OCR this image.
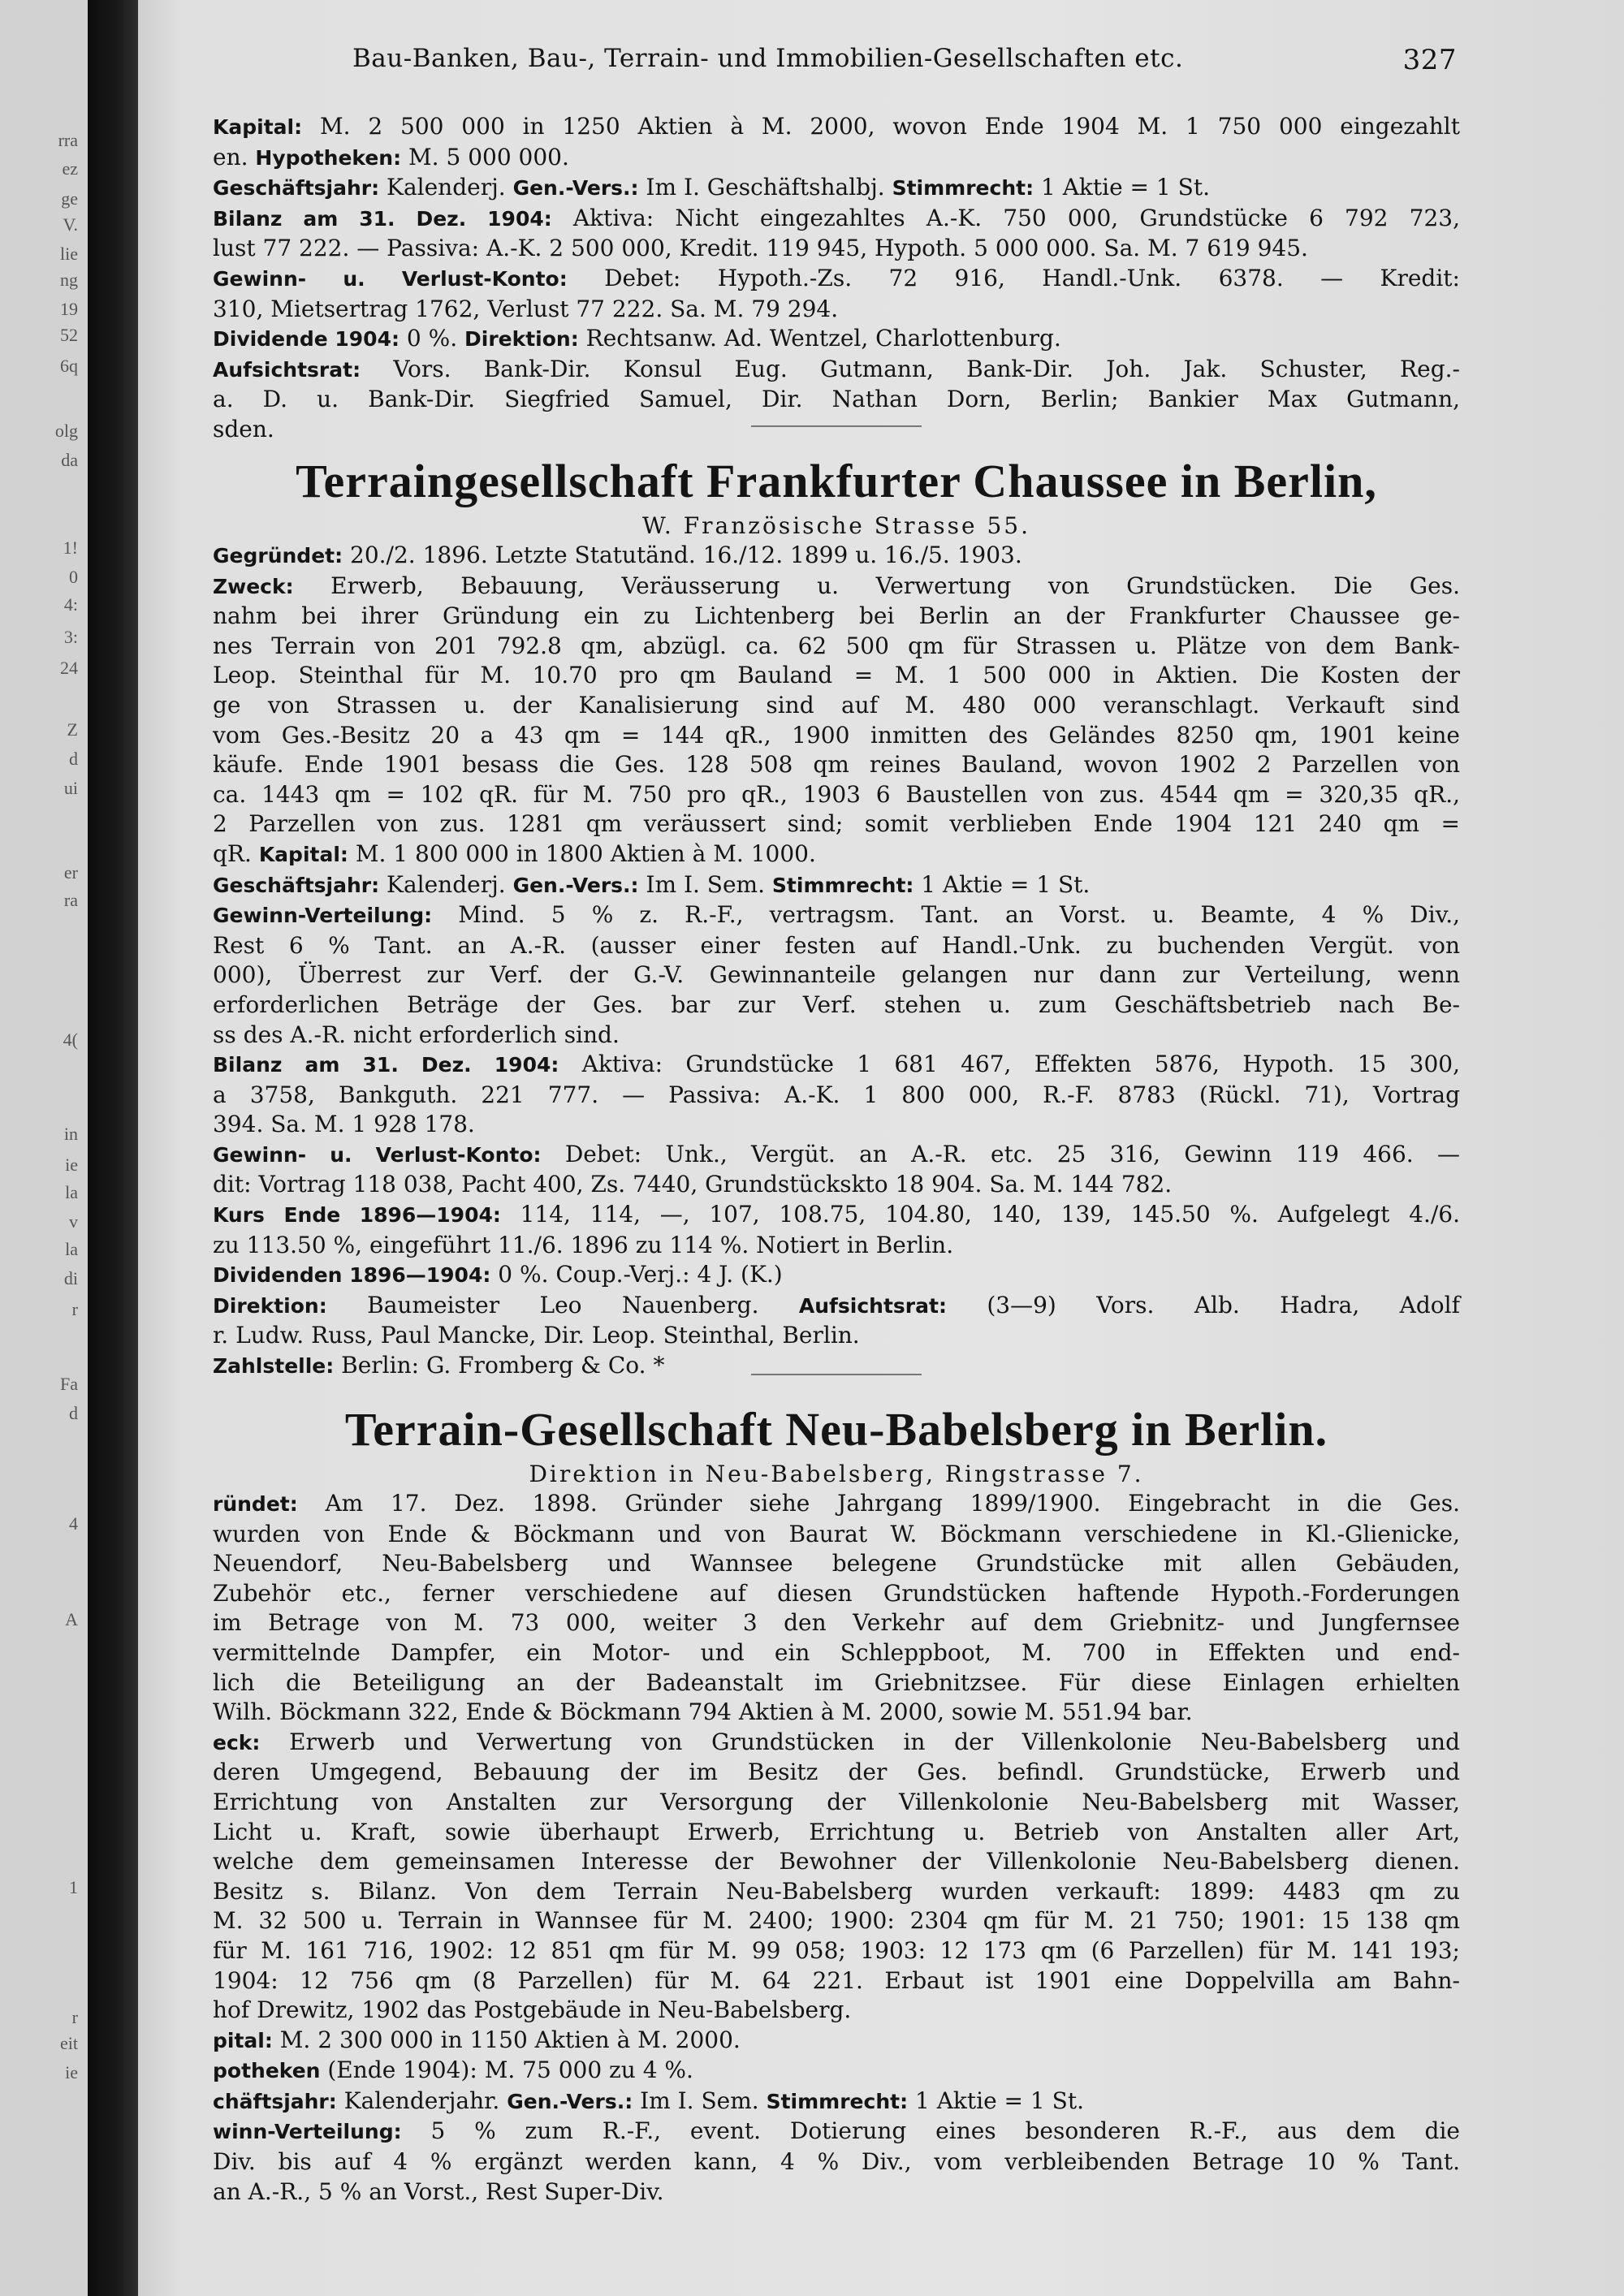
Bau-Banken, Bau-, Terrain- und Immobilien-Gesellschaften etc.	327

Kapital: M. 2 500 000 in 1250 Aktien à M. 2000, wovon Ende 1904 M. 1 750 000 eingezahlt

en. Hypotheken: M. 5 000 000.

Geschäftsjahr: Kalenderj. Gen.-Vers.: Im I. Geschäftshalbj. Stimmrecht: 1 Aktie = 1 St.

Bilanz am 31. Dez. 1904: Aktiva: Nicht eingezahltes A.-K. 750 000, Grundstücke 6 792 723,

lust 77 222. — Passiva: A.-K. 2 500 000, Kredit. 119 945, Hypoth. 5 000 000. Sa. M. 7 619 945.

Gewinn- u. Verlust-Konto: Debet: Hypoth.-Zs. 72 916, Handl.-Unk. 6378. — Kredit:

310, Mietsertrag 1762, Verlust 77 222. Sa. M. 79 294.

Dividende 1904: 0 %. Direktion: Rechtsanw. Ad. Wentzel, Charlottenburg.

Aufsichtsrat: Vors. Bank-Dir. Konsul Eug. Gutmann, Bank-Dir. Joh. Jak. Schuster, Reg.-

a. D. u. Bank-Dir. Siegfried Samuel, Dir. Nathan Dorn, Berlin; Bankier Max Gutmann,

sden.

Terraingesellschaft Frankfurter Chaussee in Berlin,
W. Französische Strasse 55.

Gegründet: 20./2. 1896. Letzte Statutänd. 16./12. 1899 u. 16./5. 1903.

Zweck: Erwerb, Bebauung, Veräusserung u. Verwertung von Grundstücken. Die Ges.

nahm bei ihrer Gründung ein zu Lichtenberg bei Berlin an der Frankfurter Chaussee ge-

nes Terrain von 201 792.8 qm, abzügl. ca. 62 500 qm für Strassen u. Plätze von dem Bank-

Leop. Steinthal für M. 10.70 pro qm Bauland = M. 1 500 000 in Aktien. Die Kosten der

ge von Strassen u. der Kanalisierung sind auf M. 480 000 veranschlagt. Verkauft sind

vom Ges.-Besitz 20 a 43 qm = 144 qR., 1900 inmitten des Geländes 8250 qm, 1901 keine

käufe. Ende 1901 besass die Ges. 128 508 qm reines Bauland, wovon 1902 2 Parzellen von

ca. 1443 qm = 102 qR. für M. 750 pro qR., 1903 6 Baustellen von zus. 4544 qm = 320,35 qR.,

2 Parzellen von zus. 1281 qm veräussert sind; somit verblieben Ende 1904 121 240 qm =

qR. Kapital: M. 1 800 000 in 1800 Aktien à M. 1000.

Geschäftsjahr: Kalenderj. Gen.-Vers.: Im I. Sem. Stimmrecht: 1 Aktie = 1 St.

Gewinn-Verteilung: Mind. 5 % z. R.-F., vertragsm. Tant. an Vorst. u. Beamte, 4 % Div.,

Rest 6 % Tant. an A.-R. (ausser einer festen auf Handl.-Unk. zu buchenden Vergüt. von

000), Überrest zur Verf. der G.-V. Gewinnanteile gelangen nur dann zur Verteilung, wenn

erforderlichen Beträge der Ges. bar zur Verf. stehen u. zum Geschäftsbetrieb nach Be-

ss des A.-R. nicht erforderlich sind.

Bilanz am 31. Dez. 1904: Aktiva: Grundstücke 1 681 467, Effekten 5876, Hypoth. 15 300,

a 3758, Bankguth. 221 777. — Passiva: A.-K. 1 800 000, R.-F. 8783 (Rückl. 71), Vortrag

394. Sa. M. 1 928 178.

Gewinn- u. Verlust-Konto: Debet: Unk., Vergüt. an A.-R. etc. 25 316, Gewinn 119 466. —

dit: Vortrag 118 038, Pacht 400, Zs. 7440, Grundstückskto 18 904. Sa. M. 144 782.

Kurs Ende 1896—1904: 114, 114, —, 107, 108.75, 104.80, 140, 139, 145.50 %. Aufgelegt 4./6.

zu 113.50 %, eingeführt 11./6. 1896 zu 114 %. Notiert in Berlin.

Dividenden 1896—1904: 0 %. Coup.-Verj.: 4 J. (K.)

Direktion: Baumeister Leo Nauenberg. Aufsichtsrat: (3—9) Vors. Alb. Hadra, Adolf

r. Ludw. Russ, Paul Mancke, Dir. Leop. Steinthal, Berlin.

Zahlstelle: Berlin: G. Fromberg & Co. *

Terrain-Gesellschaft Neu-Babelsberg in Berlin.
Direktion in Neu-Babelsberg, Ringstrasse 7.

ründet: Am 17. Dez. 1898. Gründer siehe Jahrgang 1899/1900. Eingebracht in die Ges.

wurden von Ende & Böckmann und von Baurat W. Böckmann verschiedene in Kl.-Glienicke,

Neuendorf, Neu-Babelsberg und Wannsee belegene Grundstücke mit allen Gebäuden,

Zubehör etc., ferner verschiedene auf diesen Grundstücken haftende Hypoth.-Forderungen

im Betrage von M. 73 000, weiter 3 den Verkehr auf dem Griebnitz- und Jungfernsee

vermittelnde Dampfer, ein Motor- und ein Schleppboot, M. 700 in Effekten und end-

lich die Beteiligung an der Badeanstalt im Griebnitzsee. Für diese Einlagen erhielten

Wilh. Böckmann 322, Ende & Böckmann 794 Aktien à M. 2000, sowie M. 551.94 bar.

eck: Erwerb und Verwertung von Grundstücken in der Villenkolonie Neu-Babelsberg und

deren Umgegend, Bebauung der im Besitz der Ges. befindl. Grundstücke, Erwerb und

Errichtung von Anstalten zur Versorgung der Villenkolonie Neu-Babelsberg mit Wasser,

Licht u. Kraft, sowie überhaupt Erwerb, Errichtung u. Betrieb von Anstalten aller Art,

welche dem gemeinsamen Interesse der Bewohner der Villenkolonie Neu-Babelsberg dienen.

Besitz s. Bilanz. Von dem Terrain Neu-Babelsberg wurden verkauft: 1899: 4483 qm zu

M. 32 500 u. Terrain in Wannsee für M. 2400; 1900: 2304 qm für M. 21 750; 1901: 15 138 qm

für M. 161 716, 1902: 12 851 qm für M. 99 058; 1903: 12 173 qm (6 Parzellen) für M. 141 193;

1904: 12 756 qm (8 Parzellen) für M. 64 221. Erbaut ist 1901 eine Doppelvilla am Bahn-

hof Drewitz, 1902 das Postgebäude in Neu-Babelsberg.

pital: M. 2 300 000 in 1150 Aktien à M. 2000.

potheken (Ende 1904): M. 75 000 zu 4 %.

chäftsjahr: Kalenderjahr. Gen.-Vers.: Im I. Sem. Stimmrecht: 1 Aktie = 1 St.

winn-Verteilung: 5 % zum R.-F., event. Dotierung eines besonderen R.-F., aus dem die

Div. bis auf 4 % ergänzt werden kann, 4 % Div., vom verbleibenden Betrage 10 % Tant.

an A.-R., 5 % an Vorst., Rest Super-Div.

rra
ez
ge
V.
lie
ng
19
52
6q
olg
da
1!
0
4:
3:
24
Z
d
ui
er
ra
4(
in
ie
la
v
la
di
r
Fa
d
4
A
1
r
eit
ie
